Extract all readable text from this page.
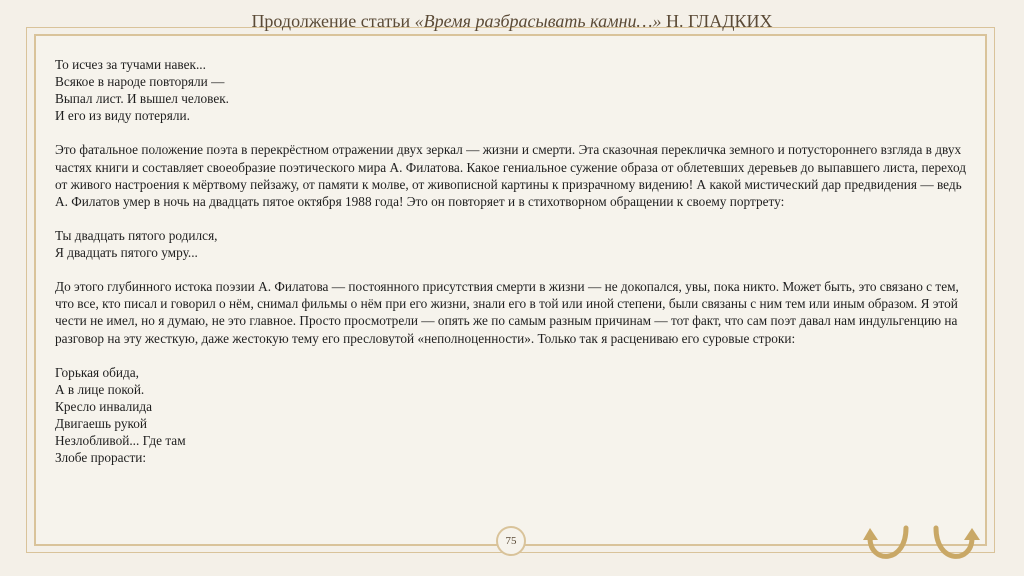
Продолжение статьи «Время разбрасывать камни…» Н. ГЛАДКИХ

То исчез за тучами навек...

Всякое в народе повторяли —

Выпал лист. И вышел человек.

И его из виду потеряли.

Это фатальное положение поэта в перекрёстном отражении двух зеркал — жизни и смерти. Эта сказочная перекличка земного и потустороннего взгляда в двух частях книги и составляет своеобразие поэтического мира А. Филатова. Какое гениальное сужение образа от облетевших деревьев до выпавшего листа, переход от живого настроения к мёртвому пейзажу, от памяти к молве, от живописной картины к призрачному видению! А какой мистический дар предвидения — ведь А. Филатов умер в ночь на двадцать пятое октября 1988 года! Это он повторяет и в стихотворном обращении к своему портрету:

Ты двадцать пятого родился,

Я двадцать пятого умру...

До этого глубинного истока поэзии А. Филатова — постоянного присутствия смерти в жизни — не докопался, увы, пока никто. Может быть, это связано с тем, что все, кто писал и говорил о нём, снимал фильмы о нём при его жизни, знали его в той или иной степени, были связаны с ним тем или иным образом. Я этой чести не имел, но я думаю, не это главное. Просто просмотрели — опять же по самым разным причинам — тот факт, что сам поэт давал нам индульгенцию на разговор на эту жесткую, даже жестокую тему его пресловутой «неполноценности». Только так я расцениваю его суровые строки:

Горькая обида,

А в лице покой.

Кресло инвалида

Двигаешь рукой

Незлобливой... Где там

Злобе прорасти:

75
